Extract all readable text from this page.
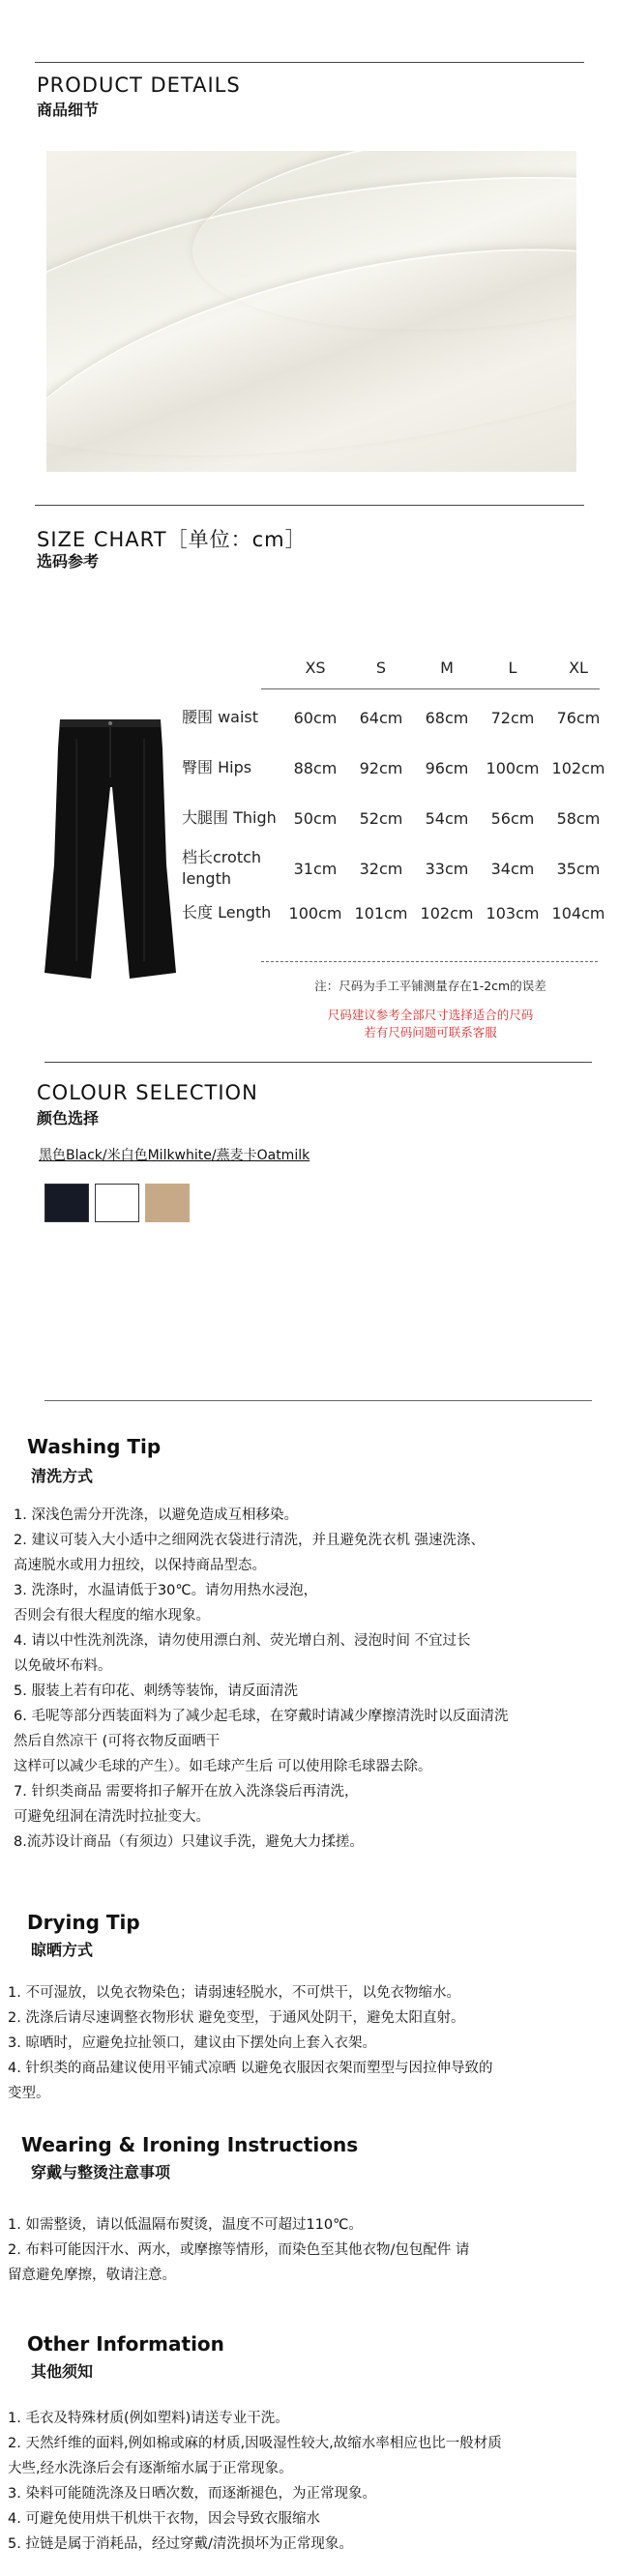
PRODUCT DETAILS
商品细节
SIZE CHART［单位：cm］
选码参考
	XS	S	M	L	XL
腰围 waist	60cm	64cm	68cm	72cm	76cm
臀围 Hips	88cm	92cm	96cm	100cm	102cm
大腿围 Thigh	50cm	52cm	54cm	56cm	58cm
档长crotch length	31cm	32cm	33cm	34cm	35cm
长度 Length	100cm	101cm	102cm	103cm	104cm
注：尺码为手工平铺测量存在1-2cm的误差
尺码建议参考全部尺寸选择适合的尺码
若有尺码问题可联系客服
COLOUR SELECTION
颜色选择
黑色Black/米白色Milkwhite/燕麦卡Oatmilk
Washing Tip
清洗方式
1. 深浅色需分开洗涤，以避免造成互相移染。
2. 建议可装入大小适中之细网洗衣袋进行清洗，并且避免洗衣机 强速洗涤、
高速脱水或用力扭绞，以保持商品型态。
3. 洗涤时，水温请低于30℃。请勿用热水浸泡，
否则会有很大程度的缩水现象。
4. 请以中性洗剂洗涤，请勿使用漂白剂、荧光增白剂、浸泡时间 不宜过长
以免破坏布料。
5. 服装上若有印花、刺绣等装饰，请反面清洗
6. 毛呢等部分西装面料为了减少起毛球，在穿戴时请减少摩擦清洗时以反面清洗
然后自然凉干 (可将衣物反面晒干
这样可以减少毛球的产生）。如毛球产生后 可以使用除毛球器去除。
7. 针织类商品 需要将扣子解开在放入洗涤袋后再清洗，
可避免纽洞在清洗时拉扯变大。
8.流苏设计商品（有须边）只建议手洗，避免大力揉搓。
Drying Tip
晾晒方式
1. 不可湿放，以免衣物染色；请弱速轻脱水，不可烘干，以免衣物缩水。
2. 洗涤后请尽速调整衣物形状 避免变型，于通风处阴干，避免太阳直射。
3. 晾晒时，应避免拉扯领口，建议由下摆处向上套入衣架。
4. 针织类的商品建议使用平铺式凉晒 以避免衣服因衣架而塑型与因拉伸导致的
变型。
Wearing & Ironing Instructions
穿戴与整烫注意事项
1. 如需整烫，请以低温隔布熨烫，温度不可超过110℃。
2. 布料可能因汗水、两水，或摩擦等情形，而染色至其他衣物/包包配件 请
留意避免摩擦，敬请注意。
Other Information
其他须知
1. 毛衣及特殊材质(例如塑料)请送专业干洗。
2. 天然纤维的面料,例如棉或麻的材质,因吸湿性较大,故缩水率相应也比一般材质
大些,经水洗涤后会有逐渐缩水属于正常现象。
3. 染料可能随洗涤及日晒次数，而逐渐褪色，为正常现象。
4. 可避免使用烘干机烘干衣物，因会导致衣服缩水
5. 拉链是属于消耗品，经过穿戴/清洗损坏为正常现象。
